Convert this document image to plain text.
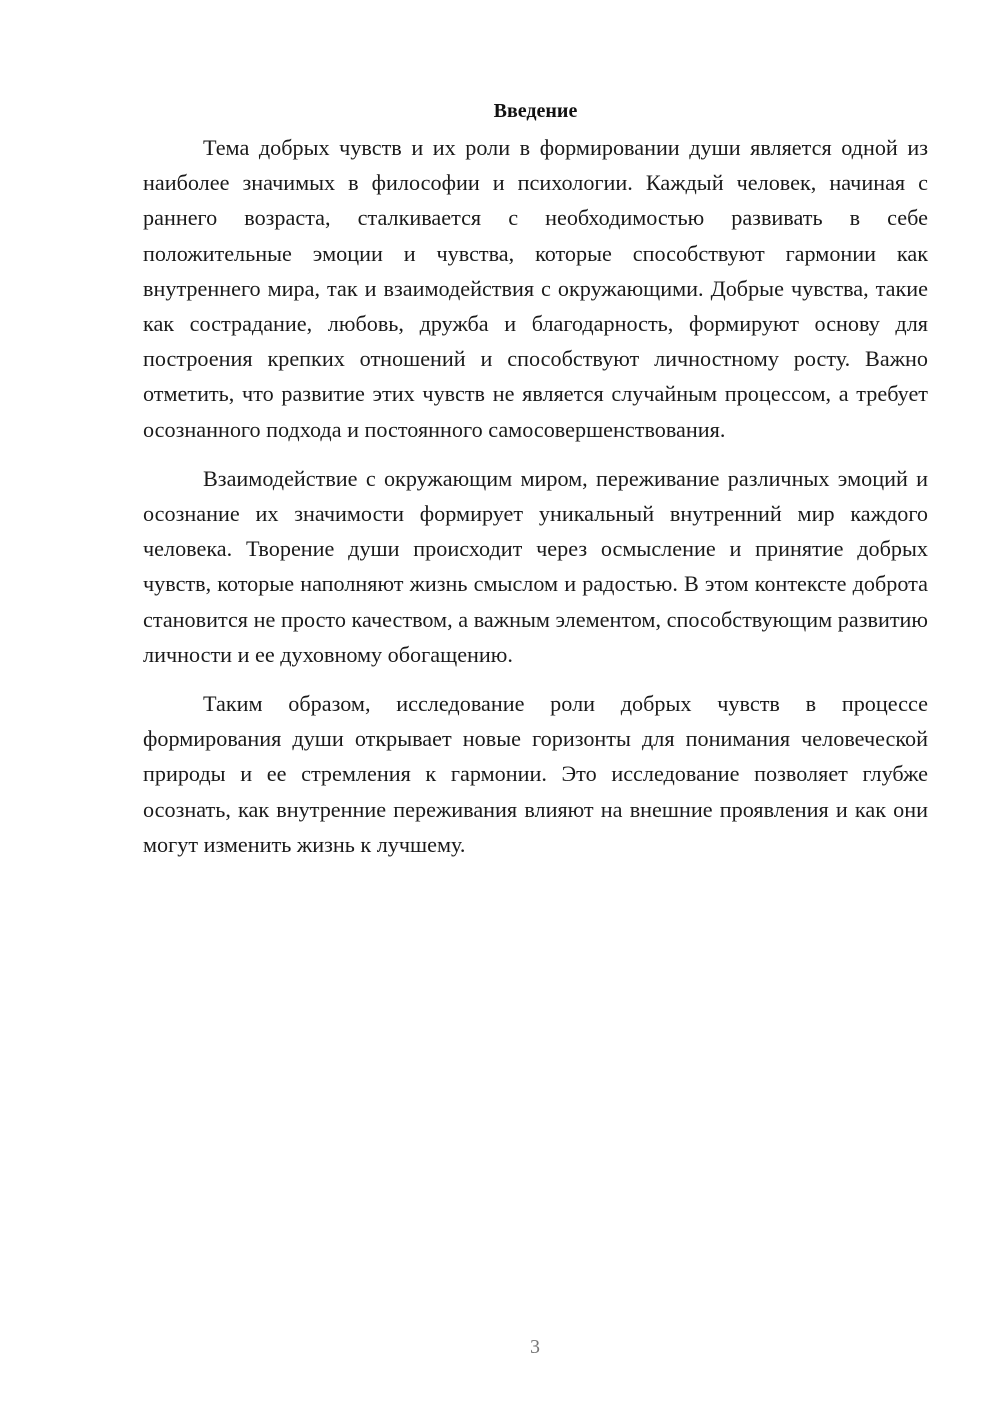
Введение

Тема добрых чувств и их роли в формировании души является одной из наиболее значимых в философии и психологии. Каждый человек, начиная с раннего возраста, сталкивается с необходимостью развивать в себе положительные эмоции и чувства, которые способствуют гармонии как внутреннего мира, так и взаимодействия с окружающими. Добрые чувства, такие как сострадание, любовь, дружба и благодарность, формируют основу для построения крепких отношений и способствуют личностному росту. Важно отметить, что развитие этих чувств не является случайным процессом, а требует осознанного подхода и постоянного самосовершенствования.

Взаимодействие с окружающим миром, переживание различных эмоций и осознание их значимости формирует уникальный внутренний мир каждого человека. Творение души происходит через осмысление и принятие добрых чувств, которые наполняют жизнь смыслом и радостью. В этом контексте доброта становится не просто качеством, а важным элементом, способствующим развитию личности и ее духовному обогащению.

Таким образом, исследование роли добрых чувств в процессе формирования души открывает новые горизонты для понимания человеческой природы и ее стремления к гармонии. Это исследование позволяет глубже осознать, как внутренние переживания влияют на внешние проявления и как они могут изменить жизнь к лучшему.

3
